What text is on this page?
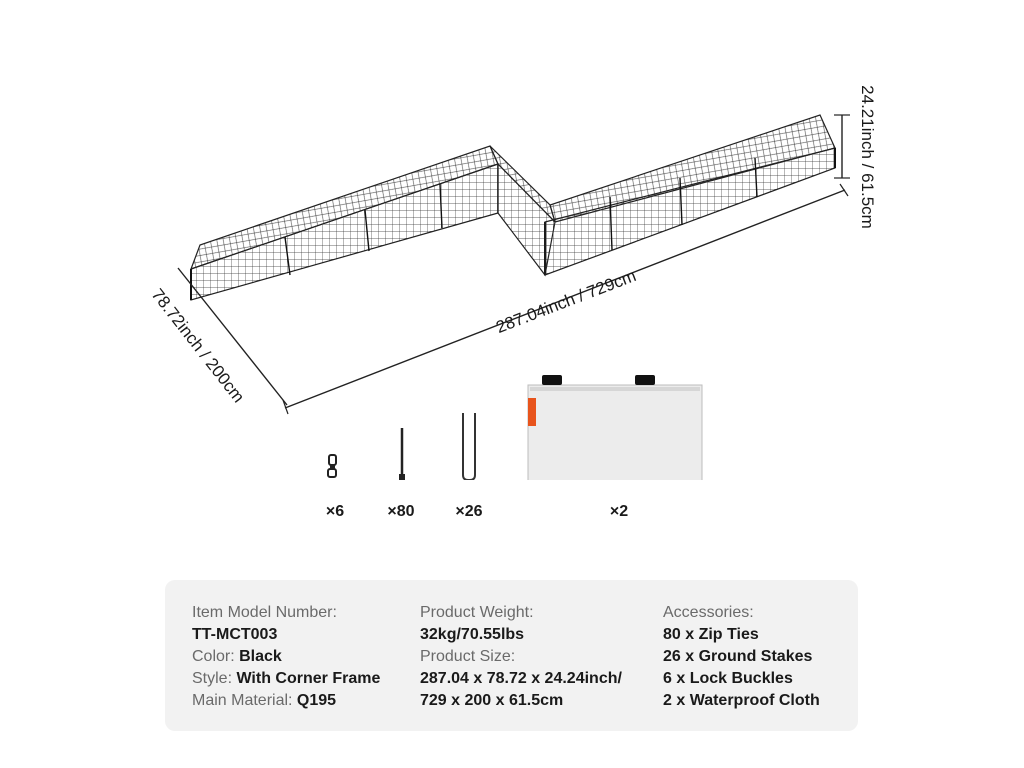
287.04inch / 729cm
78.72inch / 200cm
24.21inch / 61.5cm
×6	×80	×26	×2
Item Model Number:
TT-MCT003
Color: Black
Style: With Corner Frame
Main Material: Q195
Product Weight:
32kg/70.55lbs
Product Size:
287.04 x 78.72 x 24.24inch/
729 x 200 x 61.5cm
Accessories:
80 x Zip Ties
26 x Ground Stakes
6 x Lock Buckles
2 x Waterproof Cloth
